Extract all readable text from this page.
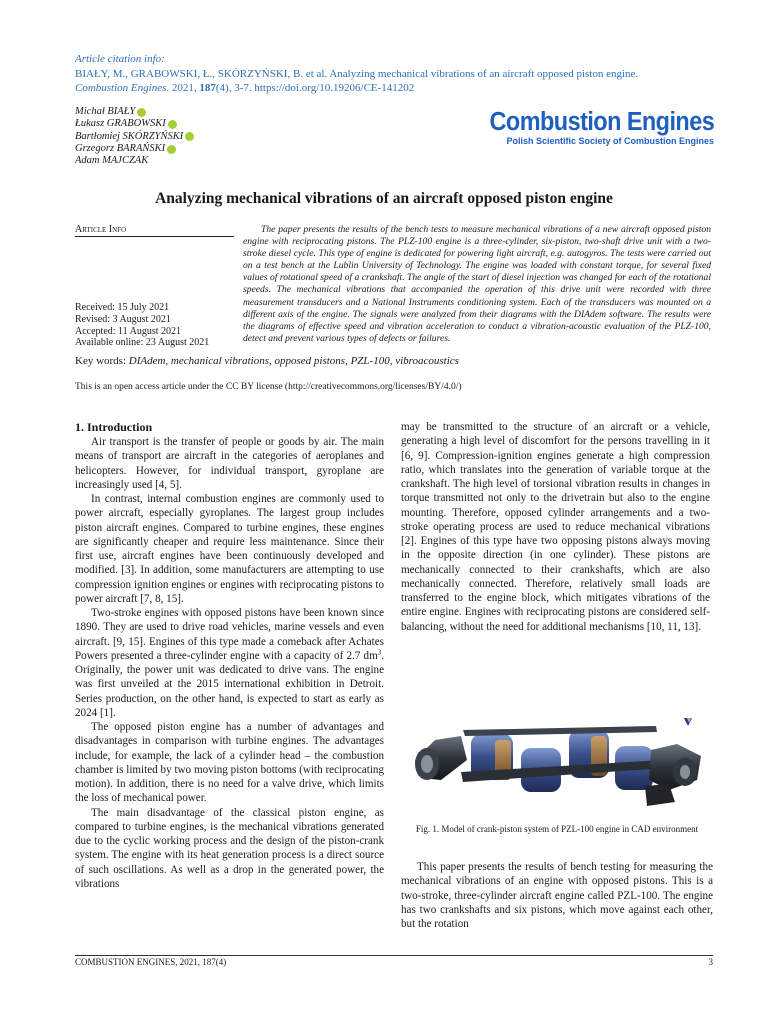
Article citation info:
BIAŁY, M., GRABOWSKI, Ł., SKÓRZYŃSKI, B. et al. Analyzing mechanical vibrations of an aircraft opposed piston engine.
Combustion Engines. 2021, 187(4), 3-7. https://doi.org/10.19206/CE-141202
Michał BIAŁY
Łukasz GRABOWSKI
Bartłomiej SKÓRZYŃSKI
Grzegorz BARAŃSKI
Adam MAJCZAK
Combustion Engines
Polish Scientific Society of Combustion Engines
Analyzing mechanical vibrations of an aircraft opposed piston engine
Article Info	The paper presents the results of the bench tests to measure mechanical vibrations of a new aircraft opposed piston engine with reciprocating pistons. The PLZ-100 engine is a three-cylinder, six-piston, two-shaft drive unit with a two-stroke diesel cycle. This type of engine is dedicated for powering light aircraft, e.g. autogyros. The tests were carried out on a test bench at the Lublin University of Technology. The engine was loaded with constant torque, for several fixed values of rotational speed of a crankshaft. The angle of the start of diesel injection was changed for each of the rotational speeds. The mechanical vibrations that accompanied the operation of this drive unit were recorded with three measurement transducers and a National Instruments conditioning system. Each of the transducers was mounted on a different axis of the engine. The signals were analyzed from their diagrams with the DIAdem software. The results were the diagrams of effective speed and vibration acceleration to conduct a vibration-acoustic evaluation of the PLZ-100, detect and prevent various types of defects or failures.

Received: 15 July 2021
Revised: 3 August 2021
Accepted: 11 August 2021
Available online: 23 August 2021
Key words: DIAdem, mechanical vibrations, opposed pistons, PZL-100, vibroacoustics
This is an open access article under the CC BY license (http://creativecommons.org/licenses/BY/4.0/)
1. Introduction

Air transport is the transfer of people or goods by air. The main means of transport are aircraft in the categories of aeroplanes and helicopters. However, for individual transport, gyroplane are increasingly used [4, 5].

In contrast, internal combustion engines are commonly used to power aircraft, especially gyroplanes. The largest group includes piston aircraft engines. Compared to turbine engines, these engines are significantly cheaper and require less maintenance. Since their first use, aircraft engines have been continuously developed and modified. [3]. In addition, some manufacturers are attempting to use compression ignition engines or engines with reciprocating pistons to power aircraft [7, 8, 15].

Two-stroke engines with opposed pistons have been known since 1890. They are used to drive road vehicles, marine vessels and even aircraft. [9, 15]. Engines of this type made a comeback after Achates Powers presented a three-cylinder engine with a capacity of 2.7 $dm^3$. Originally, the power unit was dedicated to drive vans. The engine was first unveiled at the 2015 international exhibition in Detroit. Series production, on the other hand, is expected to start as early as 2024 [1].

The opposed piston engine has a number of advantages and disadvantages in comparison with turbine engines. The advantages include, for example, the lack of a cylinder head – the combustion chamber is limited by two moving piston bottoms (with reciprocating motion). In addition, there is no need for a valve drive, which limits the loss of mechanical power.

The main disadvantage of the classical piston engine, as compared to turbine engines, is the mechanical vibrations generated due to the cyclic working process and the design of the piston-crank system. The engine with its heat generation process is a direct source of such oscillations. As well as a drop in the generated power, the vibrations

may be transmitted to the structure of an aircraft or a vehicle, generating a high level of discomfort for the persons travelling in it [6, 9]. Compression-ignition engines generate a high compression ratio, which translates into the generation of variable torque at the crankshaft. The high level of torsional vibration results in changes in torque transmitted not only to the drivetrain but also to the engine mounting. Therefore, opposed cylinder arrangements and a two-stroke operating process are used to reduce mechanical vibrations [2]. Engines of this type have two opposing pistons always moving in the opposite direction (in one cylinder). These pistons are mechanically connected to their crankshafts, which are also mechanically connected. Therefore, relatively small loads are transferred to the engine block, which mitigates vibrations of the entire engine. Engines with reciprocating pistons are considered self-balancing, without the need for additional mechanisms [10, 11, 13].

Fig. 1. Model of crank-piston system of PZL-100 engine in CAD environment

This paper presents the results of bench testing for measuring the mechanical vibrations of an engine with opposed pistons. This is a two-stroke, three-cylinder aircraft engine called PZL-100. The engine has two crankshafts and six pistons, which move against each other, but the rotation

COMBUSTION ENGINES, 2021, 187(4)	3
